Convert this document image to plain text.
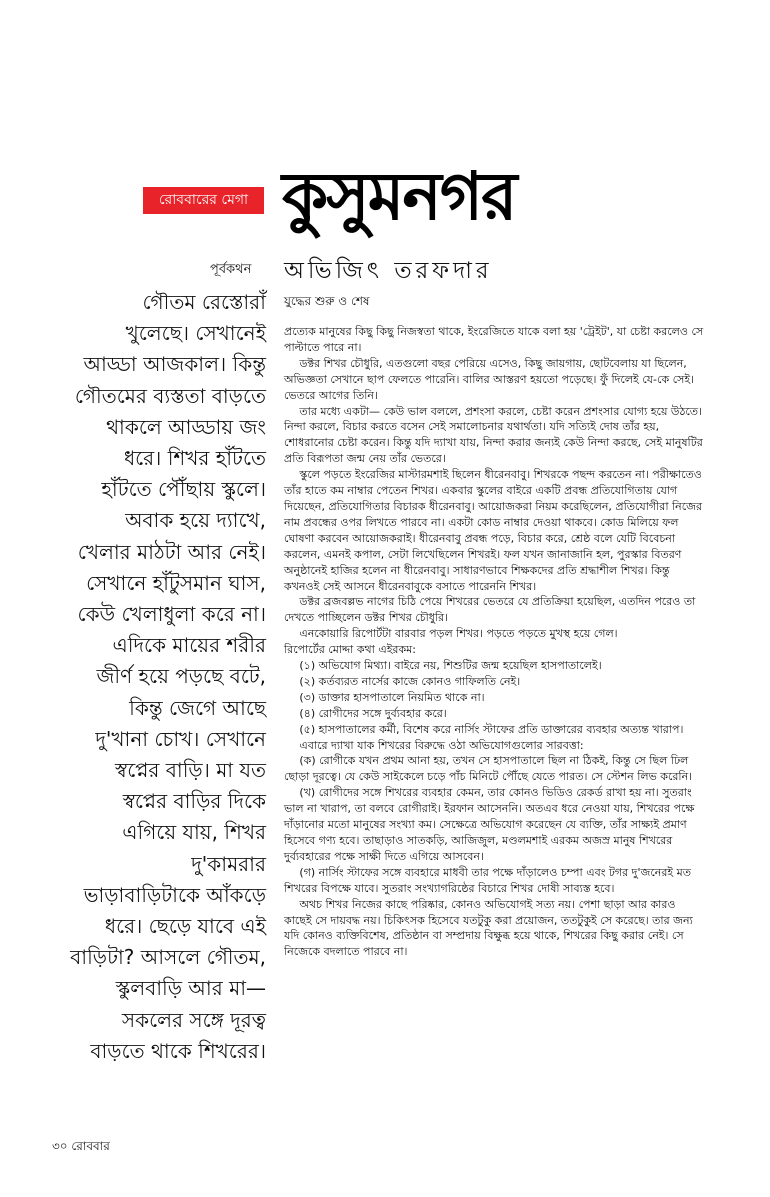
রোববারের মেগা কুসুমনগর
পূর্বকথন অভিজিৎ তরফদার
গৌতম রেস্তোরাঁ
খুলেছে। সেখানেই
আড্ডা আজকাল। কিন্তু
গৌতমের ব্যস্ততা বাড়তে
থাকলে আড্ডায় জং
ধরে। শিখর হাঁটতে
হাঁটতে পৌঁছায় স্কুলে।
অবাক হয়ে দ্যাখে,
খেলার মাঠটা আর নেই।
সেখানে হাঁটুসমান ঘাস,
কেউ খেলাধুলা করে না।
এদিকে মায়ের শরীর
জীর্ণ হয়ে পড়ছে বটে,
কিন্তু জেগে আছে
দু'খানা চোখ। সেখানে
স্বপ্নের বাড়ি। মা যত
স্বপ্নের বাড়ির দিকে
এগিয়ে যায়, শিখর
দু'কামরার
ভাড়াবাড়িটাকে আঁকড়ে
ধরে। ছেড়ে যাবে এই
বাড়িটা? আসলে গৌতম,
স্কুলবাড়ি আর মা—
সকলের সঙ্গে দূরত্ব
বাড়তে থাকে শিখরের।
যুদ্ধের শুরু ও শেষ

প্রত্যেক মানুষের কিছু কিছু নিজস্বতা থাকে, ইংরেজিতে যাকে বলা হয় 'ট্রেইট', যা চেষ্টা করলেও সে পাল্টাতে পারে না।

ডক্টর শিখর চৌধুরি, এতগুলো বছর পেরিয়ে এসেও, কিছু জায়গায়, ছোটবেলায় যা ছিলেন, অভিজ্ঞতা সেখানে ছাপ ফেলতে পারেনি। বালির আস্তরণ হয়তো পড়েছে। ফুঁ দিলেই যে-কে সেই। ভেতরে আগের তিনি।

তার মধ্যে একটা— কেউ ভাল বললে, প্রশংসা করলে, চেষ্টা করেন প্রশংসার যোগ্য হয়ে উঠতে। নিন্দা করলে, বিচার করতে বসেন সেই সমালোচনার যথার্থতা। যদি সত্যিই দোষ তাঁর হয়, শোধরানোর চেষ্টা করেন। কিন্তু যদি দ্যাখা যায়, নিন্দা করার জন্যই কেউ নিন্দা করছে, সেই মানুষটির প্রতি বিরূপতা জন্ম নেয় তাঁর ভেতরে।

স্কুলে পড়তে ইংরেজির মাস্টারমশাই ছিলেন ধীরেনবাবু। শিখরকে পছন্দ করতেন না। পরীক্ষাতেও তাঁর হাতে কম নাম্বার পেতেন শিখর। একবার স্কুলের বাইরে একটি প্রবন্ধ প্রতিযোগিতায় যোগ দিয়েছেন, প্রতিযোগিতার বিচারক ধীরেনবাবু। আয়োজকরা নিয়ম করেছিলেন, প্রতিযোগীরা নিজের নাম প্রবন্ধের ওপর লিখতে পারবে না। একটা কোড নাম্বার দেওয়া থাকবে। কোড মিলিয়ে ফল ঘোষণা করবেন আয়োজকরাই। ধীরেনবাবু প্রবন্ধ পড়ে, বিচার করে, শ্রেষ্ঠ বলে যেটি বিবেচনা করলেন, এমনই কপাল, সেটা লিখেছিলেন শিখরই। ফল যখন জানাজানি হল, পুরস্কার বিতরণ অনুষ্ঠানেই হাজির হলেন না ধীরেনবাবু। সাধারণভাবে শিক্ষকদের প্রতি শ্রদ্ধাশীল শিখর। কিন্তু কখনওই সেই আসনে ধীরেনবাবুকে বসাতে পারেননি শিখর।

ডক্টর ব্রজবল্লভ নাগের চিঠি পেয়ে শিখরের ভেতরে যে প্রতিক্রিয়া হয়েছিল, এতদিন পরেও তা দেখতে পাচ্ছিলেন ডক্টর শিখর চৌধুরি।

এনকোয়ারি রিপোর্টটা বারবার পড়ল শিখর। পড়তে পড়তে মুখস্থ হয়ে গেল।

রিপোর্টের মোদ্দা কথা এইরকম:

(১) অভিযোগ মিথ্যা। বাইরে নয়, শিশুটির জন্ম হয়েছিল হাসপাতালেই।

(২) কর্তব্যরত নার্সের কাজে কোনও গাফিলতি নেই।

(৩) ডাক্তার হাসপাতালে নিয়মিত থাকে না।

(৪) রোগীদের সঙ্গে দুর্ব্যবহার করে।

(৫) হাসপাতালের কর্মী, বিশেষ করে নার্সিং স্টাফের প্রতি ডাক্তারের ব্যবহার অত্যন্ত খারাপ।

এবারে দ্যাখা যাক শিখরের বিরুদ্ধে ওঠা অভিযোগগুলোর সারবত্তা:

(ক) রোগীকে যখন প্রথম আনা হয়, তখন সে হাসপাতালে ছিল না ঠিকই, কিন্তু সে ছিল ঢিল ছোড়া দূরত্বে। যে কেউ সাইকেলে চড়ে পাঁচ মিনিটে পৌঁছে যেতে পারত। সে স্টেশন লিভ করেনি।

(খ) রোগীদের সঙ্গে শিখরের ব্যবহার কেমন, তার কোনও ভিডিও রেকর্ড রাখা হয় না। সুতরাং ভাল না খারাপ, তা বলবে রোগীরাই। ইরফান আসেননি। অতএব ধরে নেওয়া যায়, শিখরের পক্ষে দাঁড়ানোর মতো মানুষের সংখ্যা কম। সেক্ষেত্রে অভিযোগ করেছেন যে ব্যক্তি, তাঁর সাক্ষ্যই প্রমাণ হিসেবে গণ্য হবে। তাছাড়াও সাতকড়ি, আজিজুল, মণ্ডলমশাই এরকম অজস্র মানুষ শিখরের দুর্ব্যবহারের পক্ষে সাক্ষী দিতে এগিয়ে আসবেন।

(গ) নার্সিং স্টাফের সঙ্গে ব্যবহারে মাধবী তার পক্ষে দাঁড়ালেও চম্পা এবং টগর দু'জনেরই মত শিখরের বিপক্ষে যাবে। সুতরাং সংখ্যাগরিষ্ঠের বিচারে শিখর দোষী সাব্যস্ত হবে।

অথচ শিখর নিজের কাছে পরিষ্কার, কোনও অভিযোগই সত্য নয়। পেশা ছাড়া আর কারও কাছেই সে দায়বদ্ধ নয়। চিকিৎসক হিসেবে যতটুকু করা প্রয়োজন, ততটুকুই সে করেছে। তার জন্য যদি কোনও ব্যক্তিবিশেষ, প্রতিষ্ঠান বা সম্প্রদায় বিক্ষুব্ধ হয়ে থাকে, শিখরের কিছু করার নেই। সে নিজেকে বদলাতে পারবে না।

৩০ রোববার
